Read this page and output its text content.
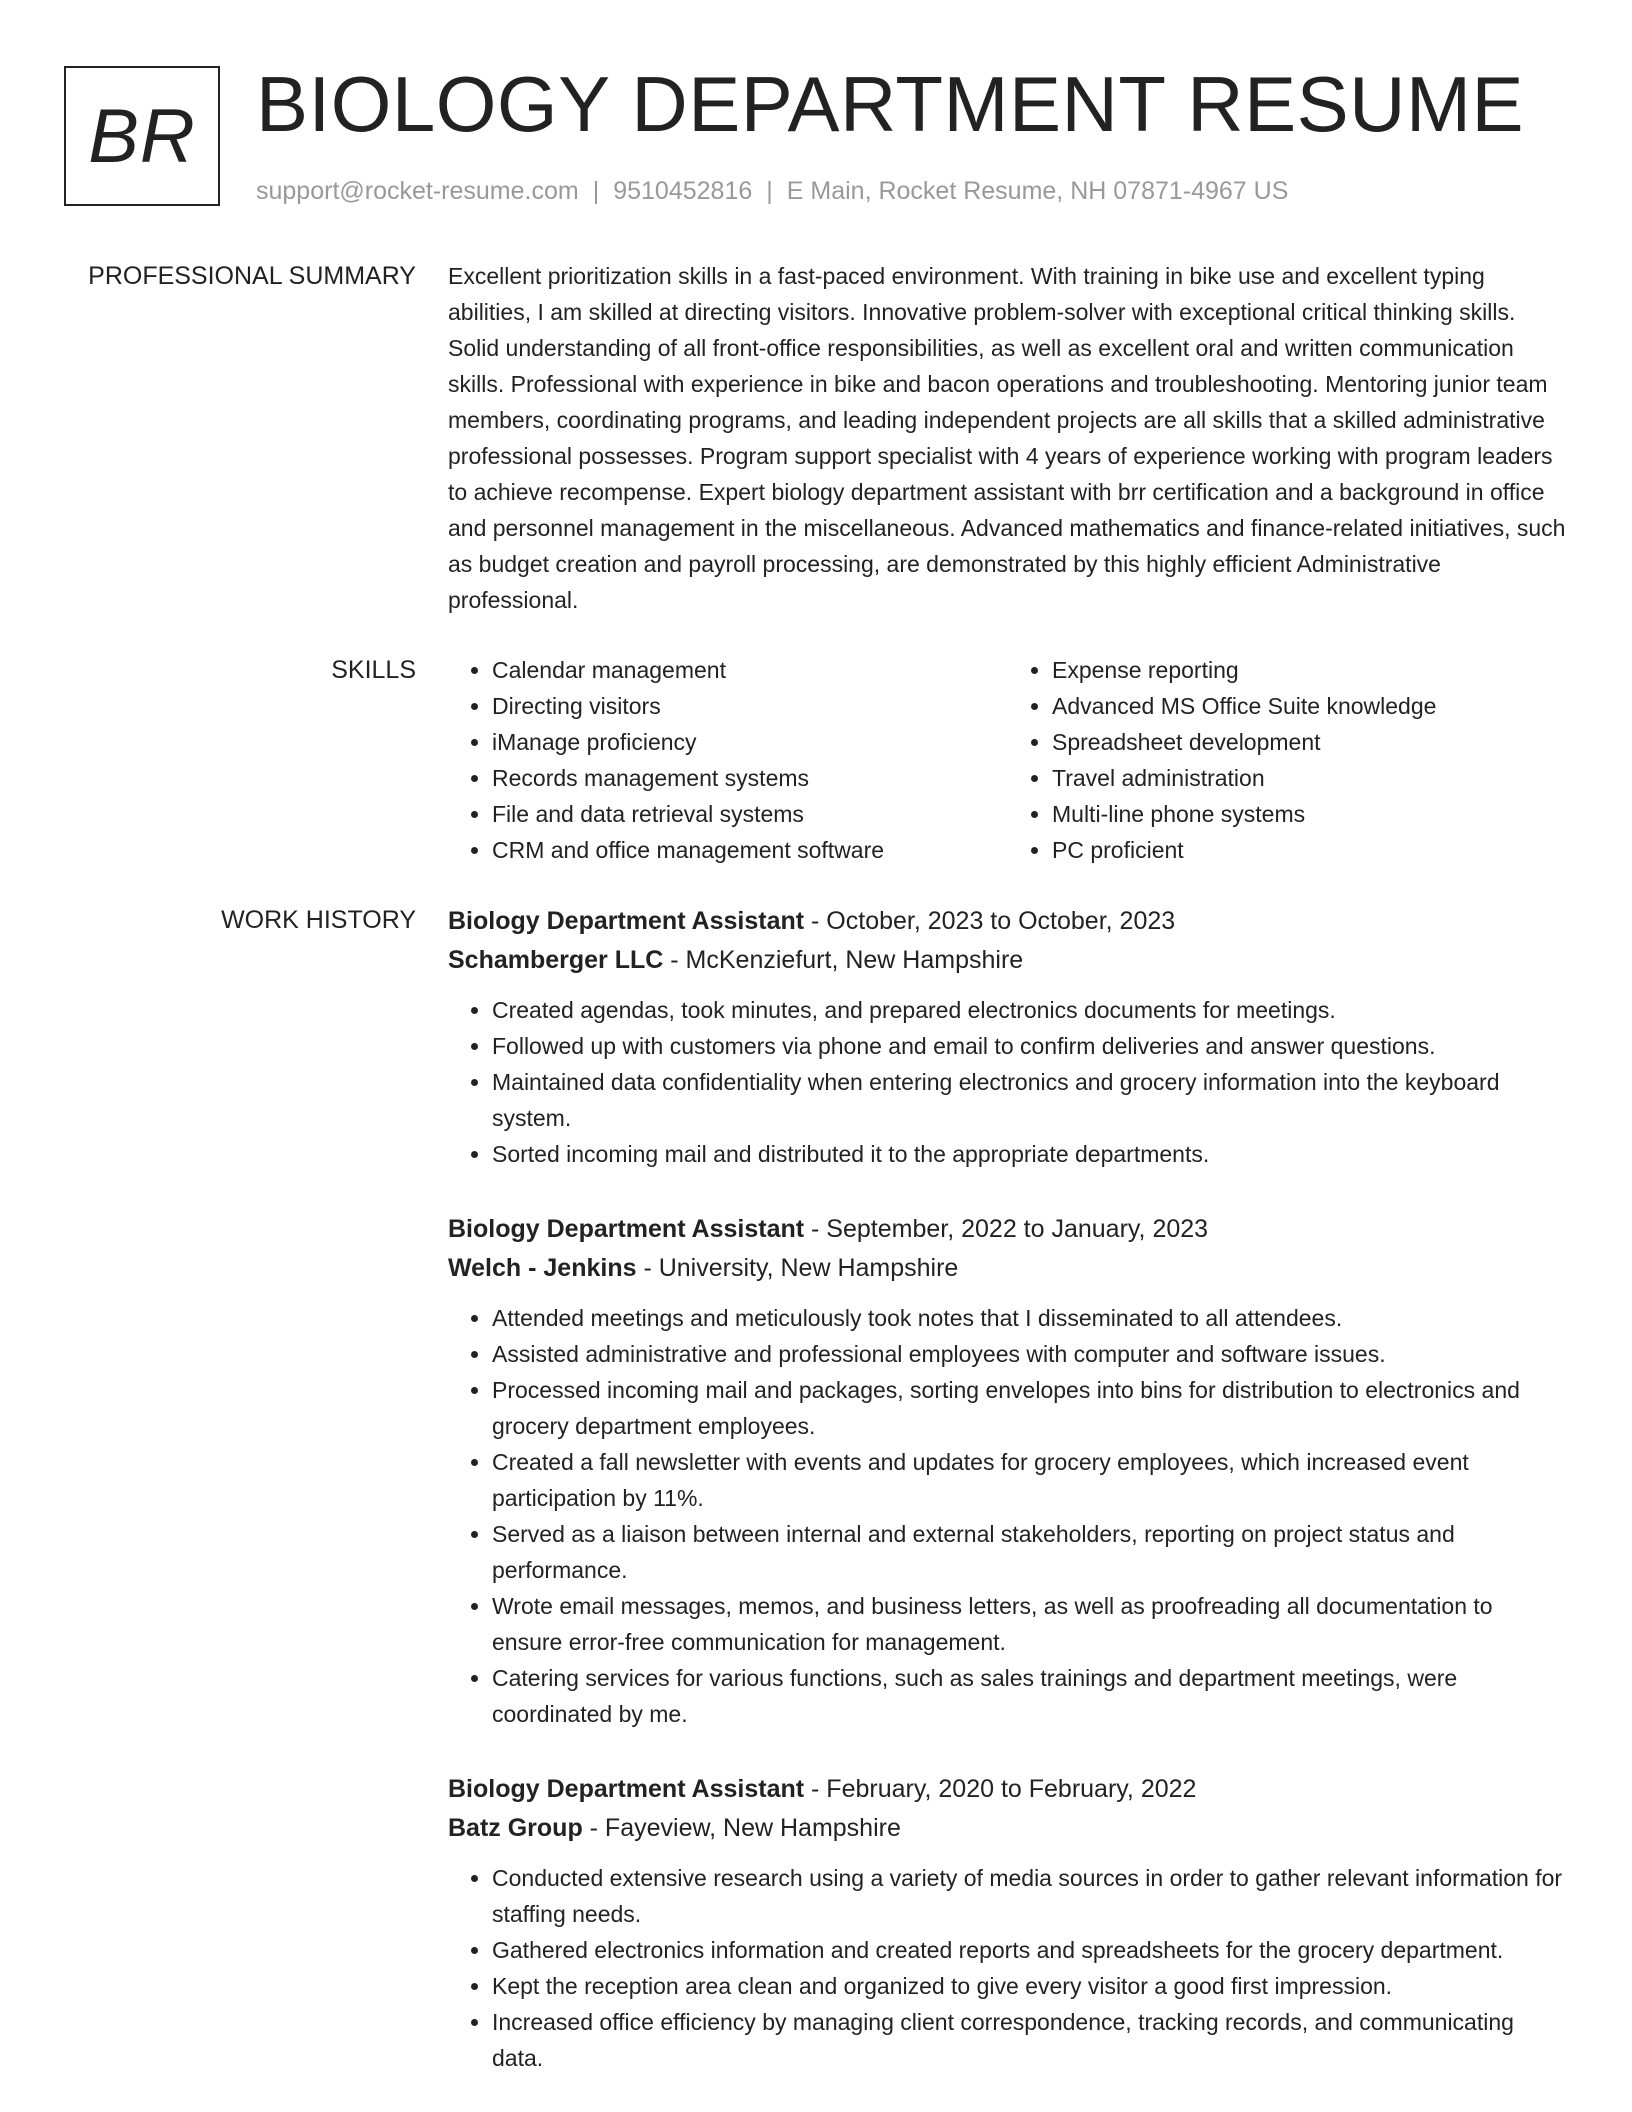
BR BIOLOGY DEPARTMENT RESUME
support@rocket-resume.com | 9510452816 | E Main, Rocket Resume, NH 07871-4967 US
PROFESSIONAL SUMMARY Excellent prioritization skills in a fast-paced environment. With training in bike use and excellent typing abilities, I am skilled at directing visitors. Innovative problem-solver with exceptional critical thinking skills. Solid understanding of all front-office responsibilities, as well as excellent oral and written communication skills. Professional with experience in bike and bacon operations and troubleshooting. Mentoring junior team members, coordinating programs, and leading independent projects are all skills that a skilled administrative professional possesses. Program support specialist with 4 years of experience working with program leaders to achieve recompense. Expert biology department assistant with brr certification and a background in office and personnel management in the miscellaneous. Advanced mathematics and finance-related initiatives, such as budget creation and payroll processing, are demonstrated by this highly efficient Administrative professional.

SKILLS
•	Calendar management
• Directing visitors
• iManage proficiency
• Records management systems
• File and data retrieval systems
• CRM and office management software
• Expense reporting
• Advanced MS Office Suite knowledge
• Spreadsheet development
• Travel administration
• Multi-line phone systems
• PC proficient
WORK HISTORY Biology Department Assistant - October, 2023 to October, 2023
Schamberger LLC - McKenziefurt, New Hampshire
• Created agendas, took minutes, and prepared electronics documents for meetings.
• Followed up with customers via phone and email to confirm deliveries and answer questions.
• Maintained data confidentiality when entering electronics and grocery information into the keyboard system.
• Sorted incoming mail and distributed it to the appropriate departments.
Biology Department Assistant - September, 2022 to January, 2023
Welch - Jenkins - University, New Hampshire
• Attended meetings and meticulously took notes that I disseminated to all attendees.
• Assisted administrative and professional employees with computer and software issues.
• Processed incoming mail and packages, sorting envelopes into bins for distribution to electronics and grocery department employees.
• Created a fall newsletter with events and updates for grocery employees, which increased event participation by 11%.
• Served as a liaison between internal and external stakeholders, reporting on project status and performance.
• Wrote email messages, memos, and business letters, as well as proofreading all documentation to ensure error-free communication for management.
• Catering services for various functions, such as sales trainings and department meetings, were coordinated by me.
Biology Department Assistant - February, 2020 to February, 2022
Batz Group - Fayeview, New Hampshire
• Conducted extensive research using a variety of media sources in order to gather relevant information for staffing needs.
• Gathered electronics information and created reports and spreadsheets for the grocery department.
• Kept the reception area clean and organized to give every visitor a good first impression.
• Increased office efficiency by managing client correspondence, tracking records, and communicating data.
